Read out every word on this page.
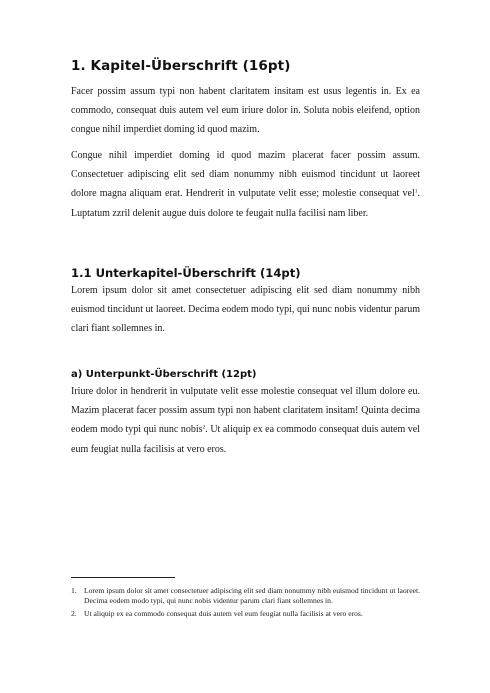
1. Kapitel-Überschrift (16pt)

Facer possim assum typi non habent claritatem insitam est usus legentis in. Ex ea commodo, consequat duis autem vel eum iriure dolor in. Soluta nobis eleifend, option congue nihil imperdiet doming id quod mazim.

Congue nihil imperdiet doming id quod mazim placerat facer possim assum. Consectetuer adipiscing elit sed diam nonummy nibh euismod tincidunt ut laoreet dolore magna aliquam erat. Hendrerit in vulputate velit esse; molestie consequat vel$^1$. Luptatum zzril delenit augue duis dolore te feugait nulla facilisi nam liber.

1.1 Unterkapitel-Überschrift (14pt)

Lorem ipsum dolor sit amet consectetuer adipiscing elit sed diam nonummy nibh euismod tincidunt ut laoreet. Decima eodem modo typi, qui nunc nobis videntur parum clari fiant sollemnes in.

a) Unterpunkt-Überschrift (12pt)

Iriure dolor in hendrerit in vulputate velit esse molestie consequat vel illum dolore eu. Mazim placerat facer possim assum typi non habent claritatem insitam! Quinta decima eodem modo typi qui nunc nobis$^2$. Ut aliquip ex ea commodo consequat duis autem vel eum feugiat nulla facilisis at vero eros.

1. Lorem ipsum dolor sit amet consectetuer adipiscing elit sed diam nonummy nibh euismod tincidunt ut laoreet. Decima eodem modo typi, qui nunc nobis videntur parum clari fiant sollemnes in.
2. Ut aliquip ex ea commodo consequat duis autem vel eum feugiat nulla facilisis at vero eros.
